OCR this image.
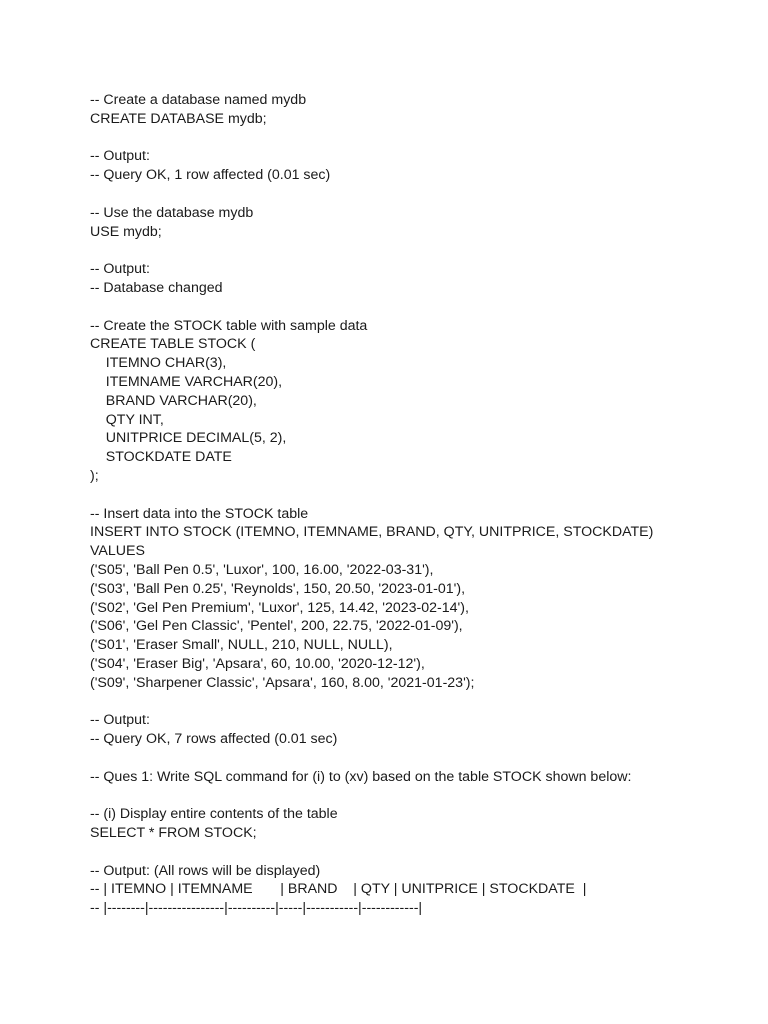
-- Create a database named mydb
CREATE DATABASE mydb;
-- Output:
-- Query OK, 1 row affected (0.01 sec)
-- Use the database mydb
USE mydb;
-- Output:
-- Database changed
-- Create the STOCK table with sample data
CREATE TABLE STOCK (
ITEMNO CHAR(3),
ITEMNAME VARCHAR(20),
BRAND VARCHAR(20),
QTY INT,
UNITPRICE DECIMAL(5, 2),
STOCKDATE DATE
);
-- Insert data into the STOCK table
INSERT INTO STOCK (ITEMNO, ITEMNAME, BRAND, QTY, UNITPRICE, STOCKDATE)
VALUES
('S05', 'Ball Pen 0.5', 'Luxor', 100, 16.00, '2022-03-31'),
('S03', 'Ball Pen 0.25', 'Reynolds', 150, 20.50, '2023-01-01'),
('S02', 'Gel Pen Premium', 'Luxor', 125, 14.42, '2023-02-14'),
('S06', 'Gel Pen Classic', 'Pentel', 200, 22.75, '2022-01-09'),
('S01', 'Eraser Small', NULL, 210, NULL, NULL),
('S04', 'Eraser Big', 'Apsara', 60, 10.00, '2020-12-12'),
('S09', 'Sharpener Classic', 'Apsara', 160, 8.00, '2021-01-23');
-- Output:
-- Query OK, 7 rows affected (0.01 sec)
-- Ques 1: Write SQL command for (i) to (xv) based on the table STOCK shown below:
-- (i) Display entire contents of the table
SELECT * FROM STOCK;
-- Output: (All rows will be displayed)
-- | ITEMNO | ITEMNAME       | BRAND    | QTY | UNITPRICE | STOCKDATE  |
-- |--------|----------------|----------|-----|-----------|------------|
